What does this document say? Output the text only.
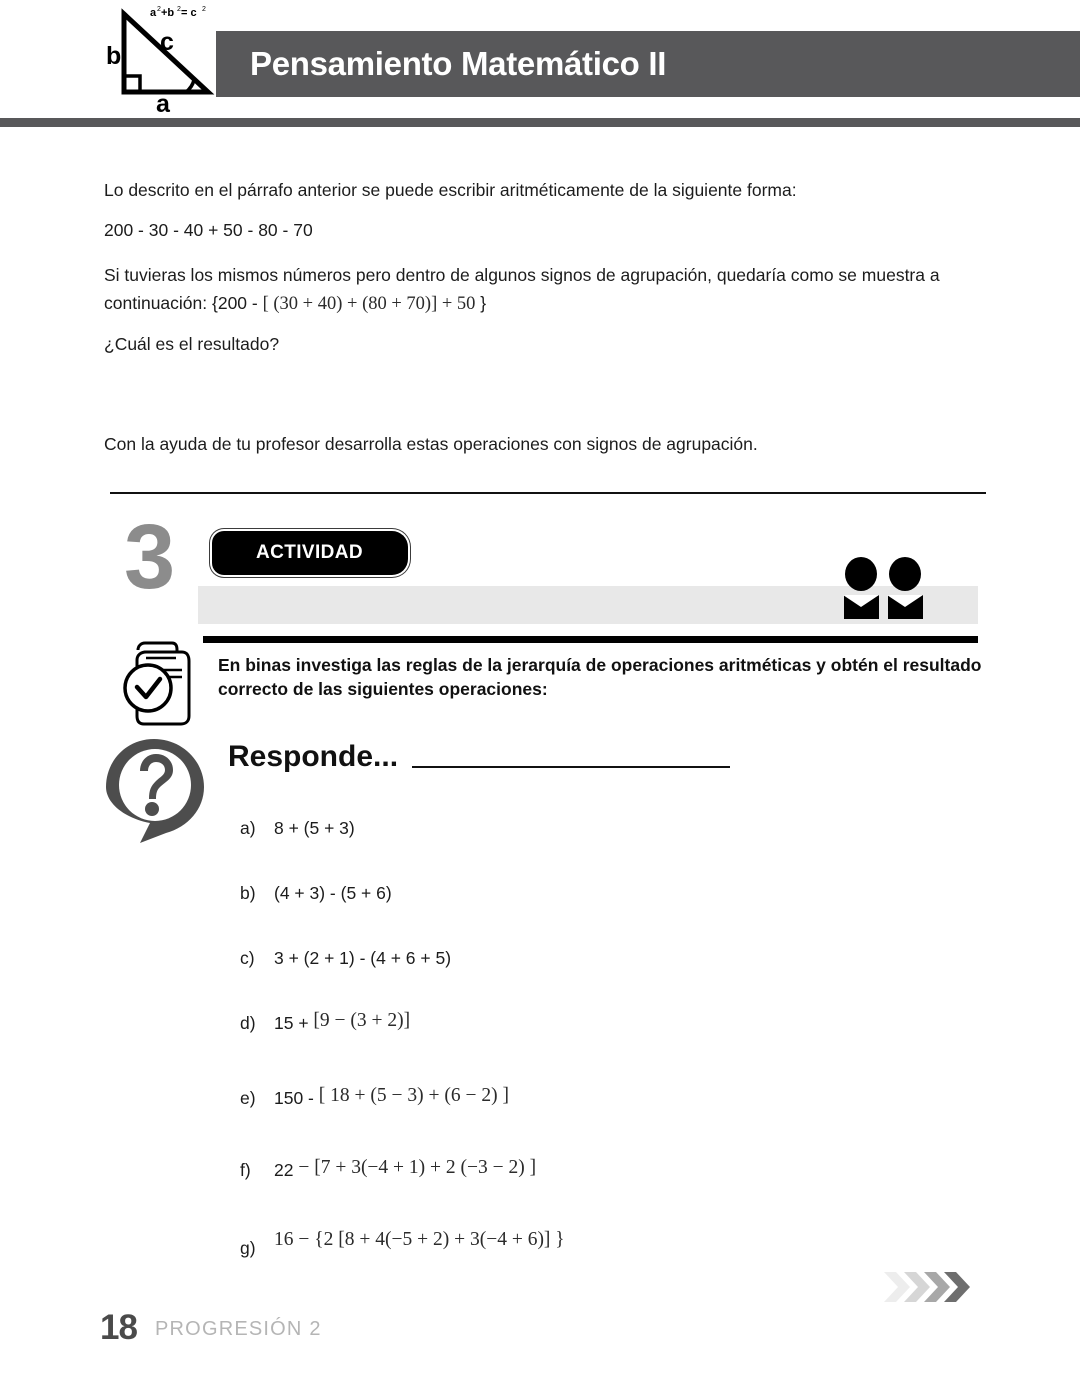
b c
a
a 2 +b 2 = c 2
Pensamiento Matemático II
Lo descrito en el párrafo anterior se puede escribir aritméticamente de la siguiente forma:
200 - 30 - 40 + 50 - 80 - 70
Si tuvieras los mismos números pero dentro de algunos signos de agrupación, quedaría como se muestra a continuación: {200 - [ (30 + 40) + (80 + 70)] + 50 }
¿Cuál es el resultado?
Con la ayuda de tu profesor desarrolla estas operaciones con signos de agrupación.
3	ACTIVIDAD
En binas investiga las reglas de la jerarquía de operaciones aritméticas y obtén el resultado correcto de las siguientes operaciones:
Responde...
a)	8 + (5 + 3)
b)	(4 + 3) - (5 + 6)
c)	3 + (2 + 1) - (4 + 6 + 5)
d)	15 + [9 − (3 + 2)]
e)	150 - [ 18 + (5 − 3) + (6 − 2) ]
f)	22 − [7 + 3(−4 + 1) + 2 (−3 − 2) ]
g) 16 − {2 [8 + 4(−5 + 2) + 3(−4 + 6)] }
18 PROGRESIÓN 2
